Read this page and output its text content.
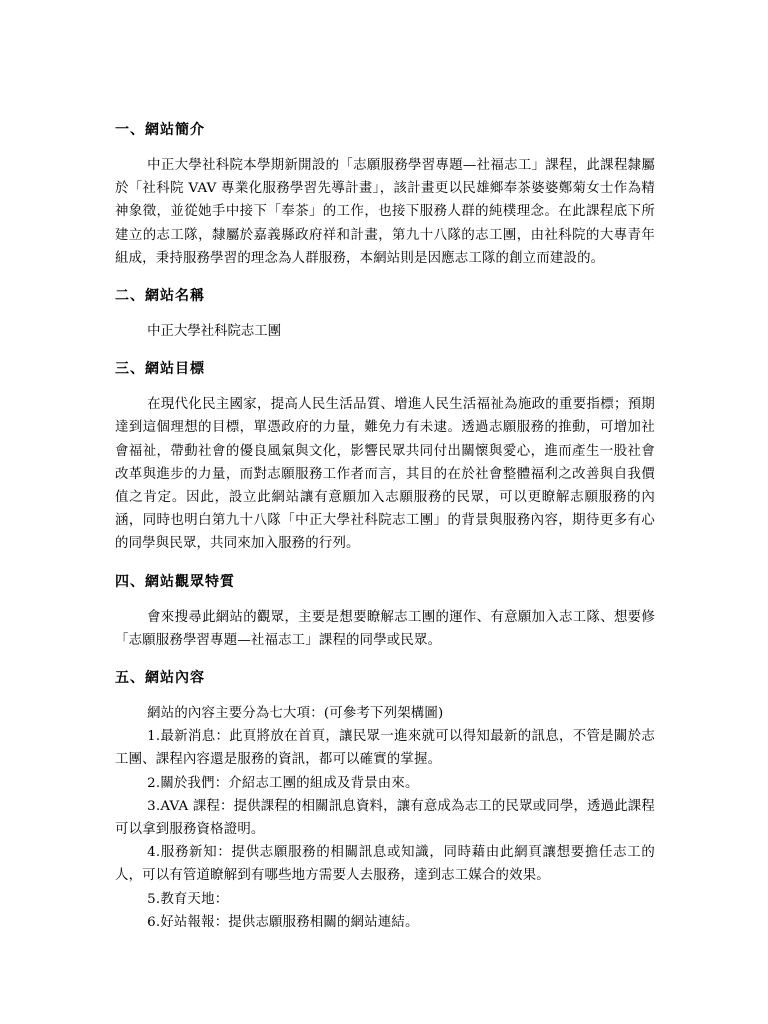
一、網站簡介

中正大學社科院本學期新開設的「志願服務學習專題—社福志工」課程，此課程隸屬於「社科院 VAV 專業化服務學習先導計畫」，該計畫更以民雄鄉奉茶婆婆鄭菊女士作為精神象徵，並從她手中接下「奉茶」的工作，也接下服務人群的純樸理念。在此課程底下所建立的志工隊，隸屬於嘉義縣政府祥和計畫，第九十八隊的志工團，由社科院的大專青年組成，秉持服務學習的理念為人群服務，本網站則是因應志工隊的創立而建設的。

二、網站名稱

中正大學社科院志工團

三、網站目標

在現代化民主國家，提高人民生活品質、增進人民生活福祉為施政的重要指標；預期達到這個理想的目標，單憑政府的力量，難免力有未逮。透過志願服務的推動，可增加社會福祉，帶動社會的優良風氣與文化，影響民眾共同付出關懷與愛心，進而產生一股社會改革與進步的力量，而對志願服務工作者而言，其目的在於社會整體福利之改善與自我價值之肯定。因此，設立此網站讓有意願加入志願服務的民眾，可以更瞭解志願服務的內涵，同時也明白第九十八隊「中正大學社科院志工團」的背景與服務內容，期待更多有心的同學與民眾，共同來加入服務的行列。

四、網站觀眾特質

會來搜尋此網站的觀眾，主要是想要瞭解志工團的運作、有意願加入志工隊、想要修「志願服務學習專題—社福志工」課程的同學或民眾。

五、網站內容

網站的內容主要分為七大項：(可參考下列架構圖)

1.最新消息：此頁將放在首頁，讓民眾一進來就可以得知最新的訊息，不管是關於志工團、課程內容還是服務的資訊，都可以確實的掌握。

2.關於我們：介紹志工團的組成及背景由來。

3.AVA 課程：提供課程的相關訊息資料，讓有意成為志工的民眾或同學，透過此課程可以拿到服務資格證明。

4.服務新知：提供志願服務的相關訊息或知識，同時藉由此網頁讓想要擔任志工的人，可以有管道瞭解到有哪些地方需要人去服務，達到志工媒合的效果。

5.教育天地：

6.好站報報：提供志願服務相關的網站連結。
